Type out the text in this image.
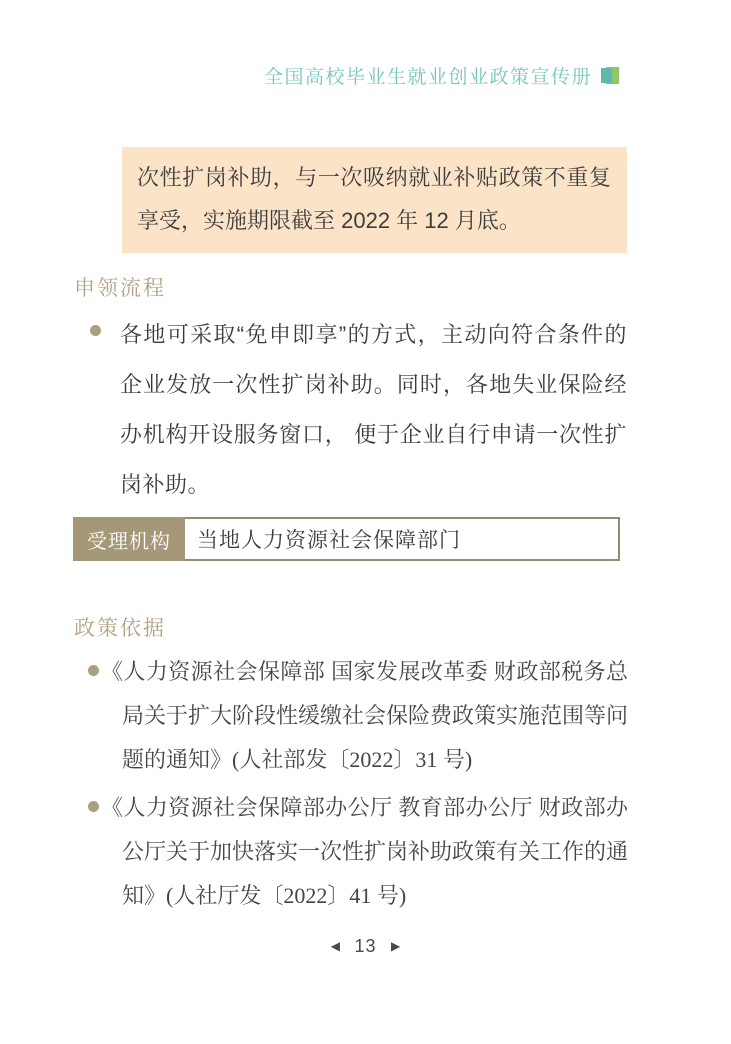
全国高校毕业生就业创业政策宣传册
次性扩岗补助，与一次吸纳就业补贴政策不重复享受，实施期限截至 2022 年 12 月底。
申领流程
各地可采取“免申即享”的方式，主动向符合条件的企业发放一次性扩岗补助。同时，各地失业保险经办机构开设服务窗口， 便于企业自行申请一次性扩岗补助。
受理机构	当地人力资源社会保障部门
政策依据
《人力资源社会保障部 国家发展改革委 财政部税务总局关于扩大阶段性缓缴社会保险费政策实施范围等问题的通知》(人社部发〔2022〕31 号)
《人力资源社会保障部办公厅 教育部办公厅 财政部办公厅关于加快落实一次性扩岗补助政策有关工作的通知》(人社厅发〔2022〕41 号)
◀ 13 ▶
